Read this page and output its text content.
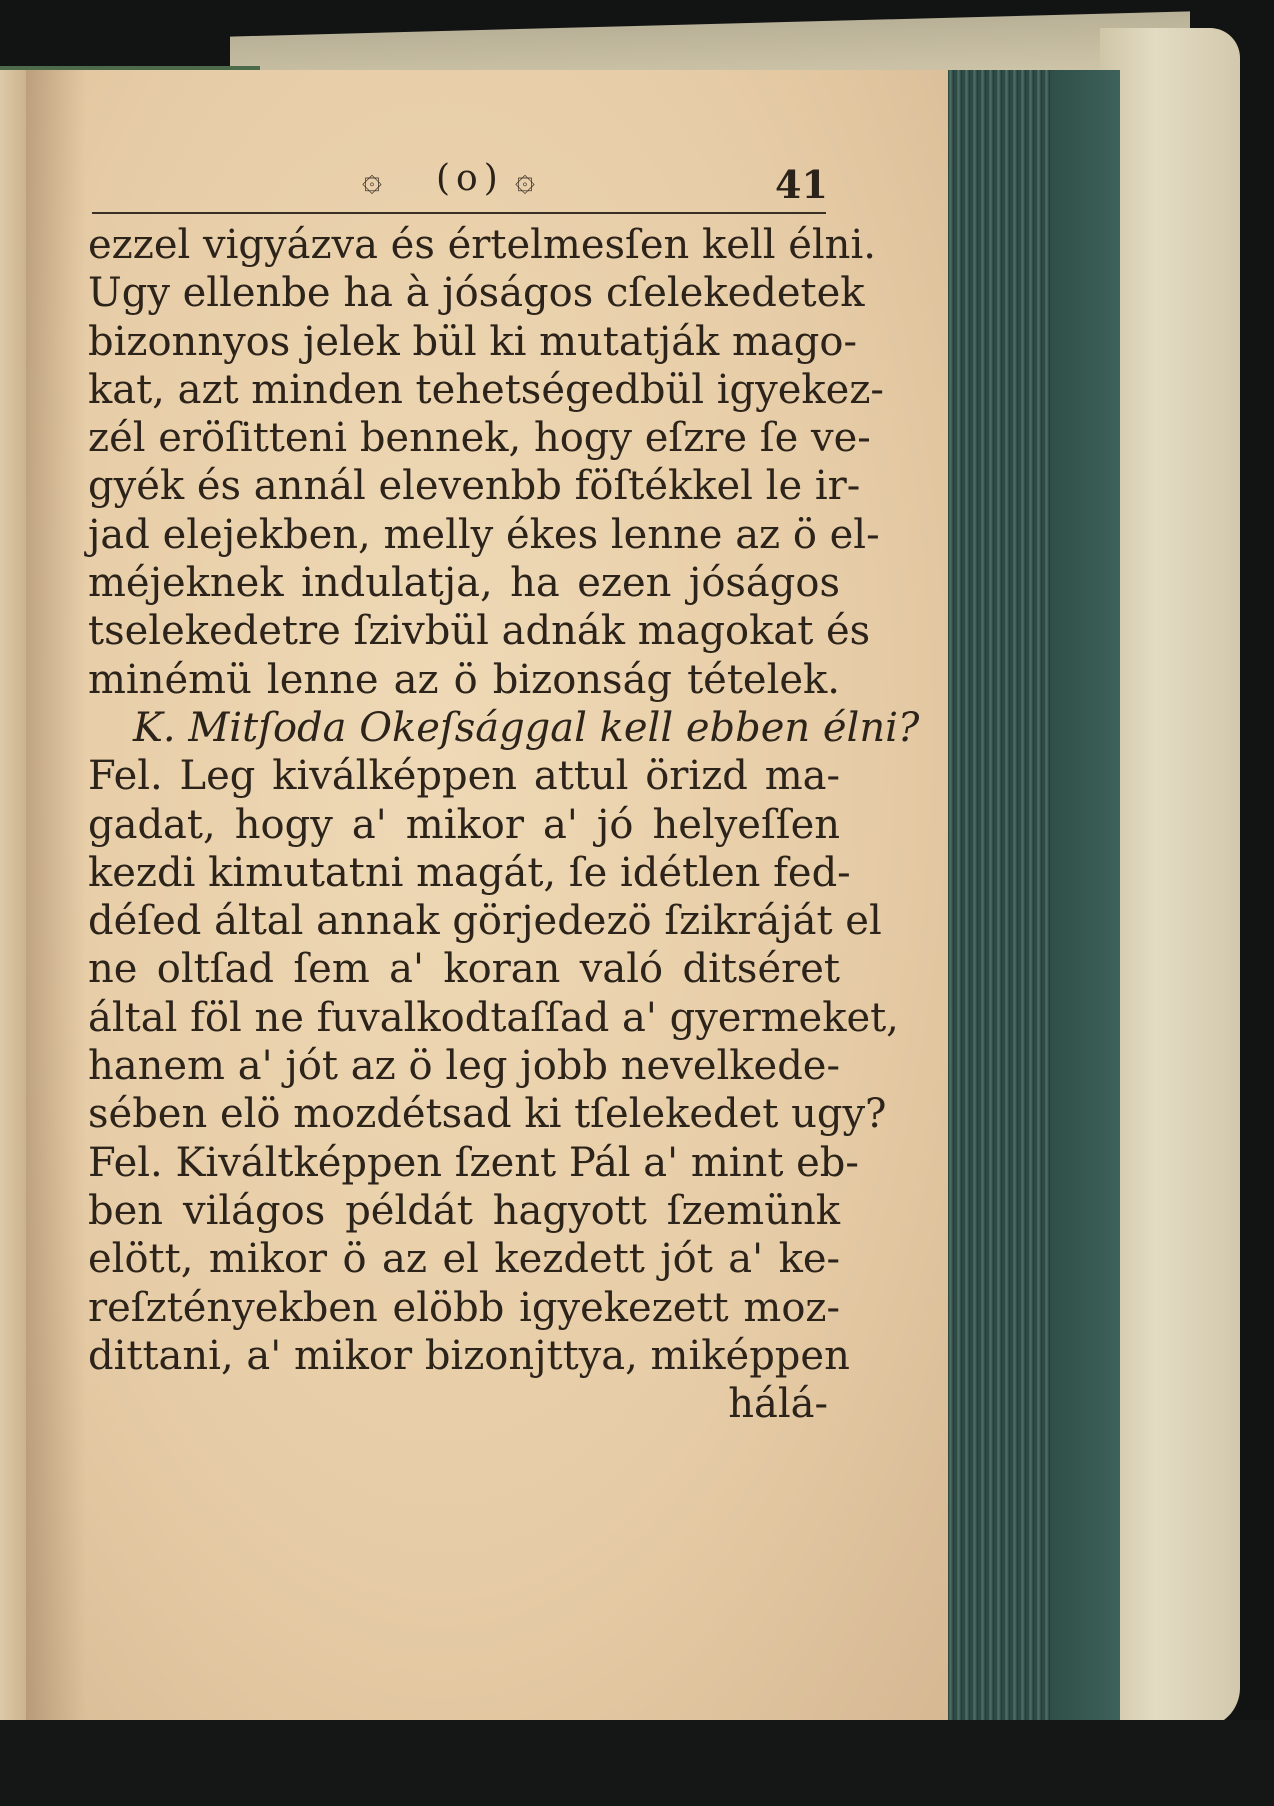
۞ (o) ۞	41
ezzel vigyázva és értelmesſen kell élni.
Ugy ellenbe ha à jóságos cſelekedetek
bizonnyos jelek bül ki mutatják mago-
kat, azt minden tehetségedbül igyekez-
zél eröſitteni bennek, hogy eſzre ſe ve-
gyék és annál elevenbb föſtékkel le ir-
jad elejekben, melly ékes lenne az ö el-
méjeknek indulatja, ha ezen jóságos
tselekedetre ſzivbül adnák magokat és
minémü lenne az ö bizonság tételek.
K. Mitſoda Okeſsággal kell ebben élni?
Fel. Leg kiválképpen attul örizd ma-
gadat, hogy a' mikor a' jó helyeſſen
kezdi kimutatni magát, ſe idétlen fed-
déſed által annak görjedezö ſzikráját el
ne oltſad ſem a' koran való ditséret
által föl ne fuvalkodtaſſad a' gyermeket,
hanem a' jót az ö leg jobb nevelkede-
sében elö mozdétsad ki tſelekedet ugy?
Fel. Kiváltképpen ſzent Pál a' mint eb-
ben világos példát hagyott ſzemünk
elött, mikor ö az el kezdett jót a' ke-
reſztényekben elöbb igyekezett moz-
dittani, a' mikor bizonjttya, miképpen
hálá-
